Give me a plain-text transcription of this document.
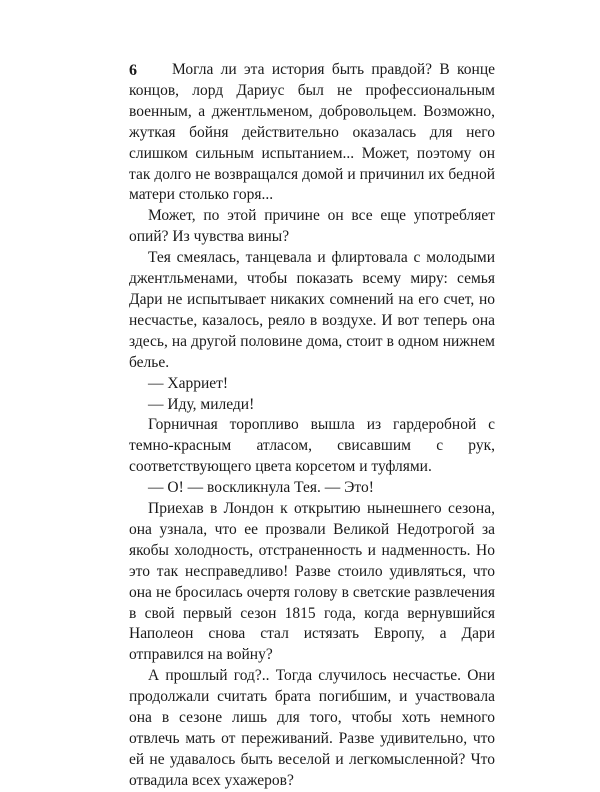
6	Могла ли эта история быть правдой? В конце концов, лорд Дариус был не профессиональным военным, а джентльменом, добровольцем. Возможно, жуткая бойня действительно оказалась для него слишком сильным испытанием... Может, поэтому он так долго не возвращался домой и причинил их бедной матери столько горя...

Может, по этой причине он все еще употребляет опий? Из чувства вины?

Тея смеялась, танцевала и флиртовала с молодыми джентльменами, чтобы показать всему миру: семья Дари не испытывает никаких сомнений на его счет, но несчастье, казалось, реяло в воздухе. И вот теперь она здесь, на другой половине дома, стоит в одном нижнем белье.

— Харриет!

— Иду, миледи!

Горничная торопливо вышла из гардеробной с темно-красным атласом, свисавшим с рук, соответствующего цвета корсетом и туфлями.

— О! — воскликнула Тея. — Это!

Приехав в Лондон к открытию нынешнего сезона, она узнала, что ее прозвали Великой Недотрогой за якобы холодность, отстраненность и надменность. Но это так несправедливо! Разве стоило удивляться, что она не бросилась очертя голову в светские развлечения в свой первый сезон 1815 года, когда вернувшийся Наполеон снова стал истязать Европу, а Дари отправился на войну?

А прошлый год?.. Тогда случилось несчастье. Они продолжали считать брата погибшим, и участвовала она в сезоне лишь для того, чтобы хоть немного отвлечь мать от переживаний. Разве удивительно, что ей не удавалось быть веселой и легкомысленной? Что отвадила всех ухажеров?
